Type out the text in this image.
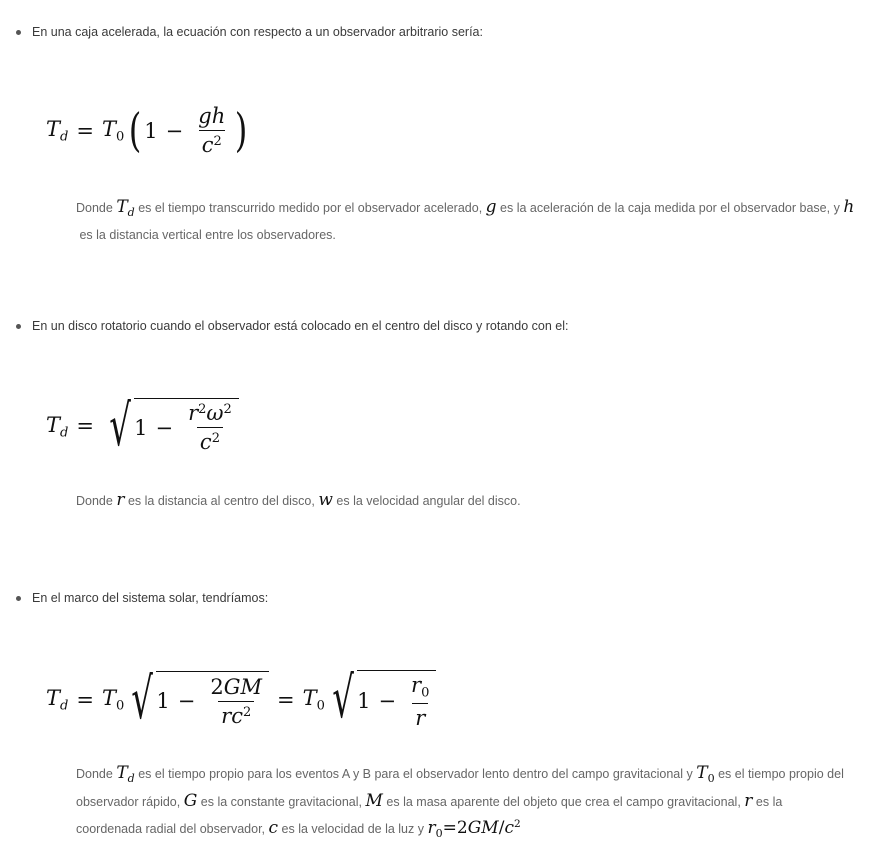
En una caja acelerada, la ecuación con respecto a un observador arbitrario sería:
$T_d = T_0$ ( $1 - \frac{gh}{c^2}$ )
Donde $T_d$ es el tiempo transcurrido medido por el observador acelerado, g es la aceleración de la caja medida por el observador base, y h
es la distancia vertical entre los observadores.
En un disco rotatorio cuando el observador está colocado en el centro del disco y rotando con el:
$T_d$ = √ $1 - \frac{r^2\omega^2}{c^2}$
Donde r es la distancia al centro del disco, w es la velocidad angular del disco.
En el marco del sistema solar, tendríamos:
$T_d = T_0$ √ $1 - \frac{2GM}{rc^2} = T_0$ √ $1 - \frac{r_0}{r}$
Donde $T_d$ es el tiempo propio para los eventos A y B para el observador lento dentro del campo gravitacional y $T_0$ es el tiempo propio del
observador rápido, G es la constante gravitacional, M es la masa aparente del objeto que crea el campo gravitacional, r es la
coordenada radial del observador, c es la velocidad de la luz y $r_0=2GM/c^2$
